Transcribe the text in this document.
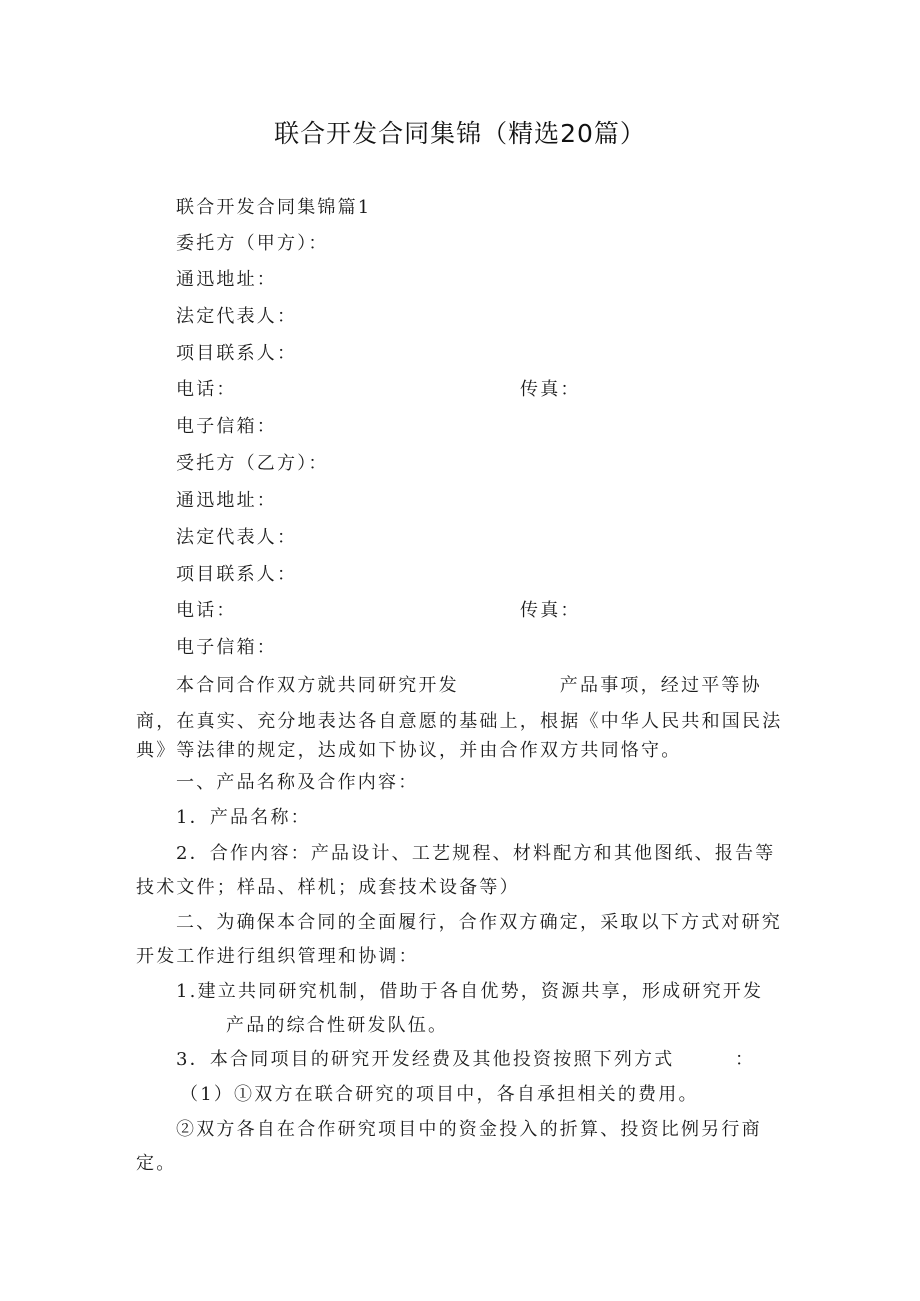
联合开发合同集锦（精选20篇）
联合开发合同集锦篇1
委托方（甲方）：
通迅地址：
法定代表人：
项目联系人：
电话：	传真：
电子信箱：
受托方（乙方）：
通迅地址：
法定代表人：
项目联系人：
电话：	传真：
电子信箱：
本合同合作双方就共同研究开发　　　　　产品事项，经过平等协
商，在真实、充分地表达各自意愿的基础上，根据《中华人民共和国民法
典》等法律的规定，达成如下协议，并由合作双方共同恪守。
一、产品名称及合作内容：
1．产品名称：
2．合作内容：产品设计、工艺规程、材料配方和其他图纸、报告等
技术文件；样品、样机；成套技术设备等）
二、为确保本合同的全面履行，合作双方确定，采取以下方式对研究
开发工作进行组织管理和协调：
1.建立共同研究机制，借助于各自优势，资源共享，形成研究开发
产品的综合性研发队伍。
3．本合同项目的研究开发经费及其他投资按照下列方式　　　：
（1）①双方在联合研究的项目中，各自承担相关的费用。
②双方各自在合作研究项目中的资金投入的折算、投资比例另行商
定。
